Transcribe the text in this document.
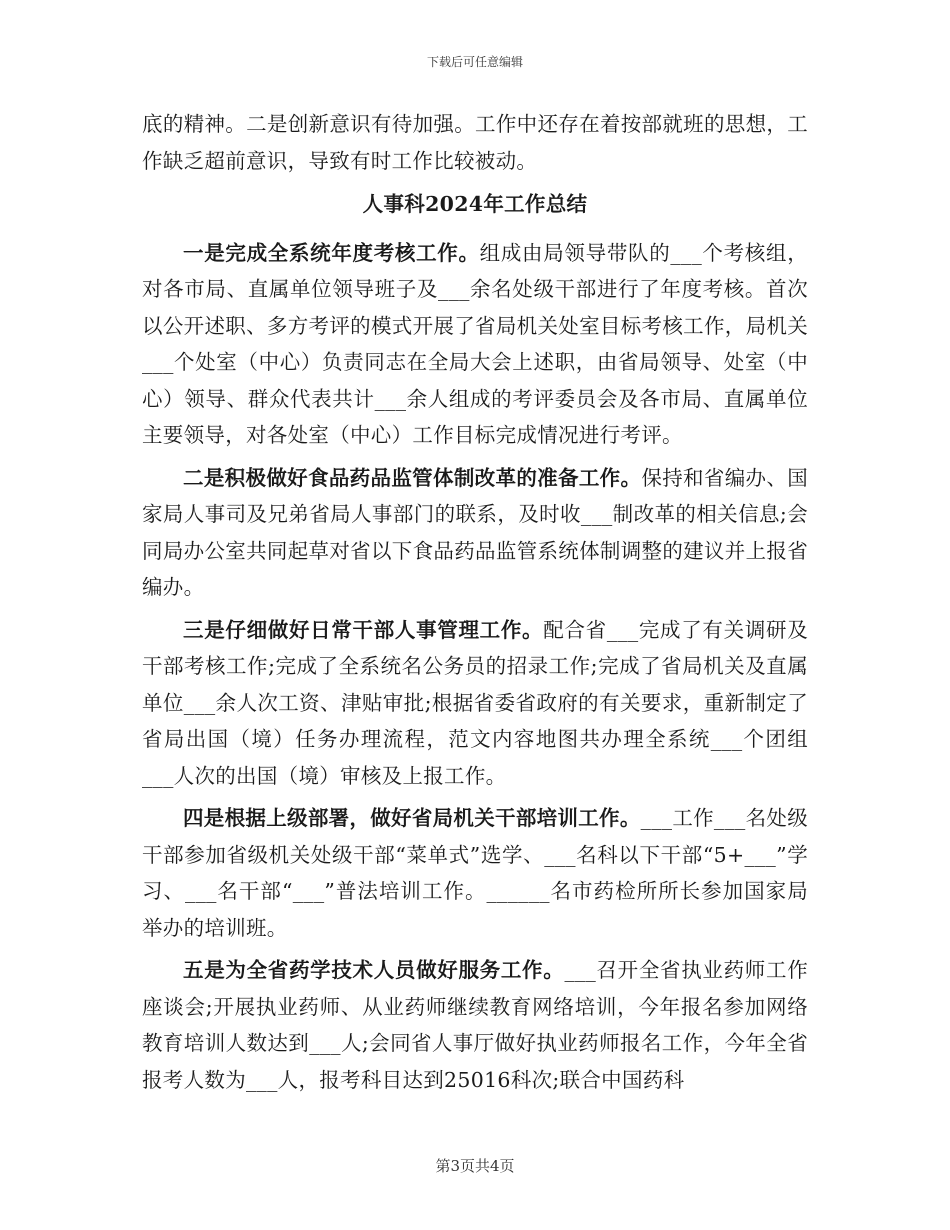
下载后可任意编辑

底的精神。二是创新意识有待加强。工作中还存在着按部就班的思想，工作缺乏超前意识，导致有时工作比较被动。

人事科2024年工作总结

一是完成全系统年度考核工作。组成由局领导带队的___个考核组，对各市局、直属单位领导班子及___余名处级干部进行了年度考核。首次以公开述职、多方考评的模式开展了省局机关处室目标考核工作，局机关___个处室（中心）负责同志在全局大会上述职，由省局领导、处室（中心）领导、群众代表共计___余人组成的考评委员会及各市局、直属单位主要领导，对各处室（中心）工作目标完成情况进行考评。

二是积极做好食品药品监管体制改革的准备工作。保持和省编办、国家局人事司及兄弟省局人事部门的联系，及时收___制改革的相关信息;会同局办公室共同起草对省以下食品药品监管系统体制调整的建议并上报省编办。

三是仔细做好日常干部人事管理工作。配合省___完成了有关调研及干部考核工作;完成了全系统名公务员的招录工作;完成了省局机关及直属单位___余人次工资、津贴审批;根据省委省政府的有关要求，重新制定了省局出国（境）任务办理流程，范文内容地图共办理全系统___个团组___人次的出国（境）审核及上报工作。

四是根据上级部署，做好省局机关干部培训工作。___工作___名处级干部参加省级机关处级干部“菜单式”选学、___名科以下干部“5+___”学习、___名干部“___”普法培训工作。______名市药检所所长参加国家局举办的培训班。

五是为全省药学技术人员做好服务工作。___召开全省执业药师工作座谈会;开展执业药师、从业药师继续教育网络培训，今年报名参加网络教育培训人数达到___人;会同省人事厅做好执业药师报名工作，今年全省报考人数为___人，报考科目达到25016科次;联合中国药科

第3页共4页
